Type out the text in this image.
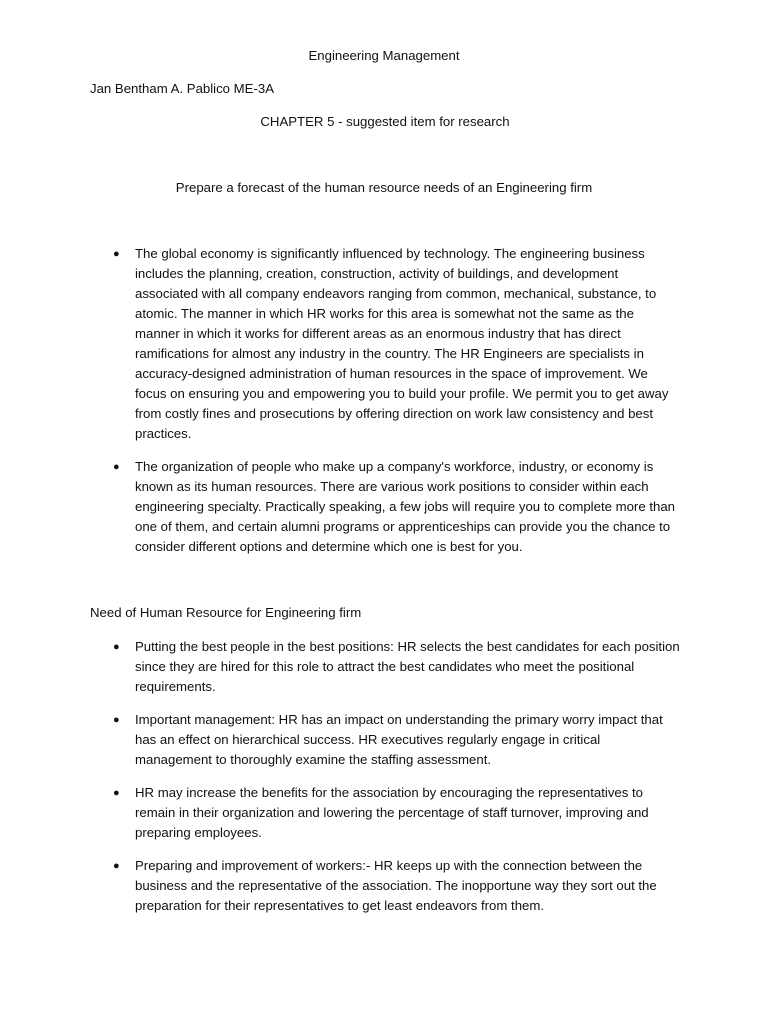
Engineering Management
Jan Bentham A. Pablico ME-3A
CHAPTER 5 - suggested item for research
Prepare a forecast of the human resource needs of an Engineering firm
● The global economy is significantly influenced by technology. The engineering business includes the planning, creation, construction, activity of buildings, and development associated with all company endeavors ranging from common, mechanical, substance, to atomic. The manner in which HR works for this area is somewhat not the same as the manner in which it works for different areas as an enormous industry that has direct ramifications for almost any industry in the country. The HR Engineers are specialists in accuracy-designed administration of human resources in the space of improvement. We focus on ensuring you and empowering you to build your profile. We permit you to get away from costly fines and prosecutions by offering direction on work law consistency and best practices.
● The organization of people who make up a company's workforce, industry, or economy is known as its human resources. There are various work positions to consider within each engineering specialty. Practically speaking, a few jobs will require you to complete more than one of them, and certain alumni programs or apprenticeships can provide you the chance to consider different options and determine which one is best for you.
Need of Human Resource for Engineering firm
● Putting the best people in the best positions: HR selects the best candidates for each position since they are hired for this role to attract the best candidates who meet the positional requirements.
● Important management: HR has an impact on understanding the primary worry impact that has an effect on hierarchical success. HR executives regularly engage in critical management to thoroughly examine the staffing assessment.
● HR may increase the benefits for the association by encouraging the representatives to remain in their organization and lowering the percentage of staff turnover, improving and preparing employees.
● Preparing and improvement of workers:- HR keeps up with the connection between the business and the representative of the association. The inopportune way they sort out the preparation for their representatives to get least endeavors from them.
